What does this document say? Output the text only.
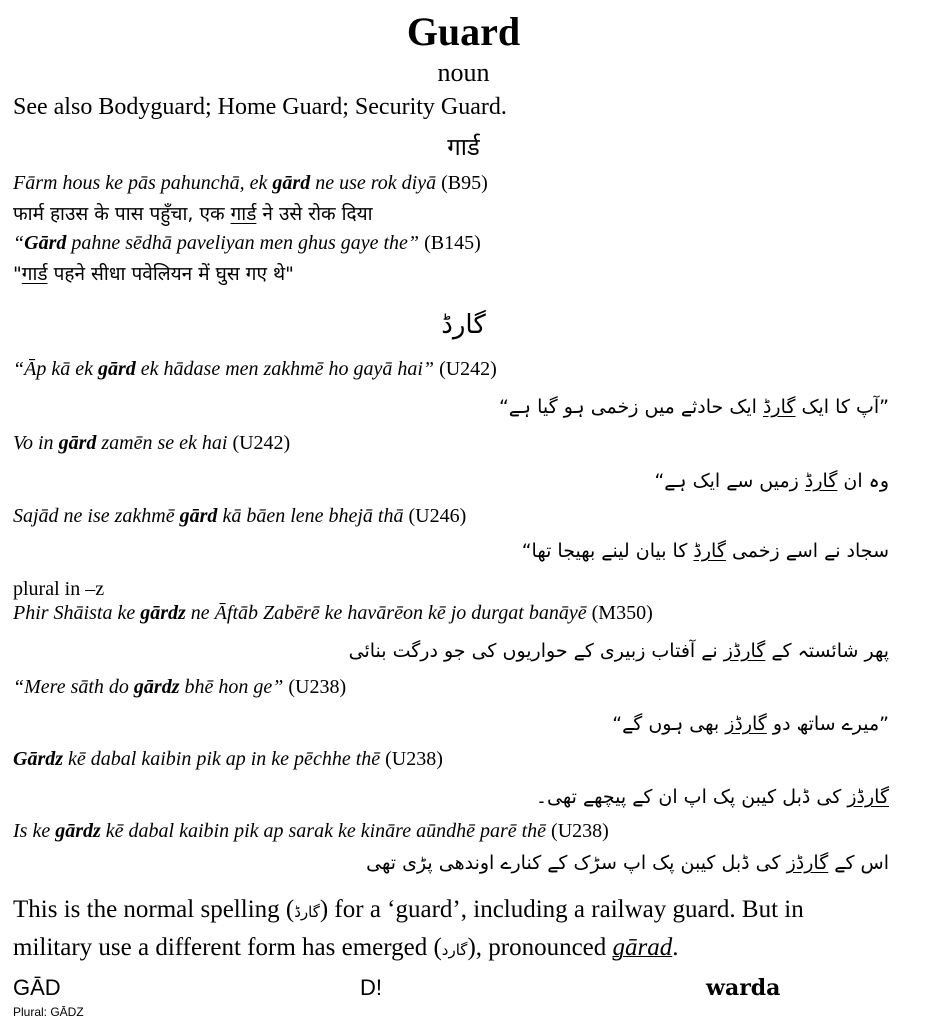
Guard
noun
See also Bodyguard; Home Guard; Security Guard.
गार्ड
Fārm hous ke pās pahunchā, ek gārd ne use rok diyā (B95)
फार्म हाउस के पास पहुँचा, एक गार्ड ने उसे रोक दिया
“Gārd pahne sēdhā paveliyan men ghus gaye the” (B145)
"गार्ड पहने सीधा पवेलियन में घुस गए थे"
گارڈ
“Āp kā ek gārd ek hādase men zakhmē ho gayā hai” (U242)
”آپ کا ایک گارڈ ایک حادثے میں زخمی ہو گیا ہے“
Vo in gārd zamēn se ek hai (U242)
وہ ان گارڈ زمیں سے ایک ہے“
Sajād ne ise zakhmē gārd kā bāen lene bhejā thā (U246)
سجاد نے اسے زخمی گارڈ کا بیان لینے بھیجا تھا“
plural in –z
Phir Shāista ke gārdz ne Āftāb Zabērē ke havārēon kē jo durgat banāyē (M350)
پھر شائستہ کے گارڈز نے آفتاب زبیری کے حواریوں کی جو درگت بنائی
“Mere sāth do gārdz bhē hon ge” (U238)
”میرے ساتھ دو گارڈز بھی ہوں گے“
Gārdz kē dabal kaibin pik ap in ke pēchhe thē (U238)
گارڈز کی ڈبل کیبن پک اپ ان کے پیچھے تھی۔
Is ke gārdz kē dabal kaibin pik ap sarak ke kināre aūndhē parē thē (U238)
اس کے گارڈز کی ڈبل کیبن پک اپ سڑک کے کنارے اوندھی پڑی تھی
This is the normal spelling (گارڈ) for a ‘guard’, including a railway guard. But in
military use a different form has emerged (گارد), pronounced gārad.
GĀD	D!	warda
Plural: GĀDZ
